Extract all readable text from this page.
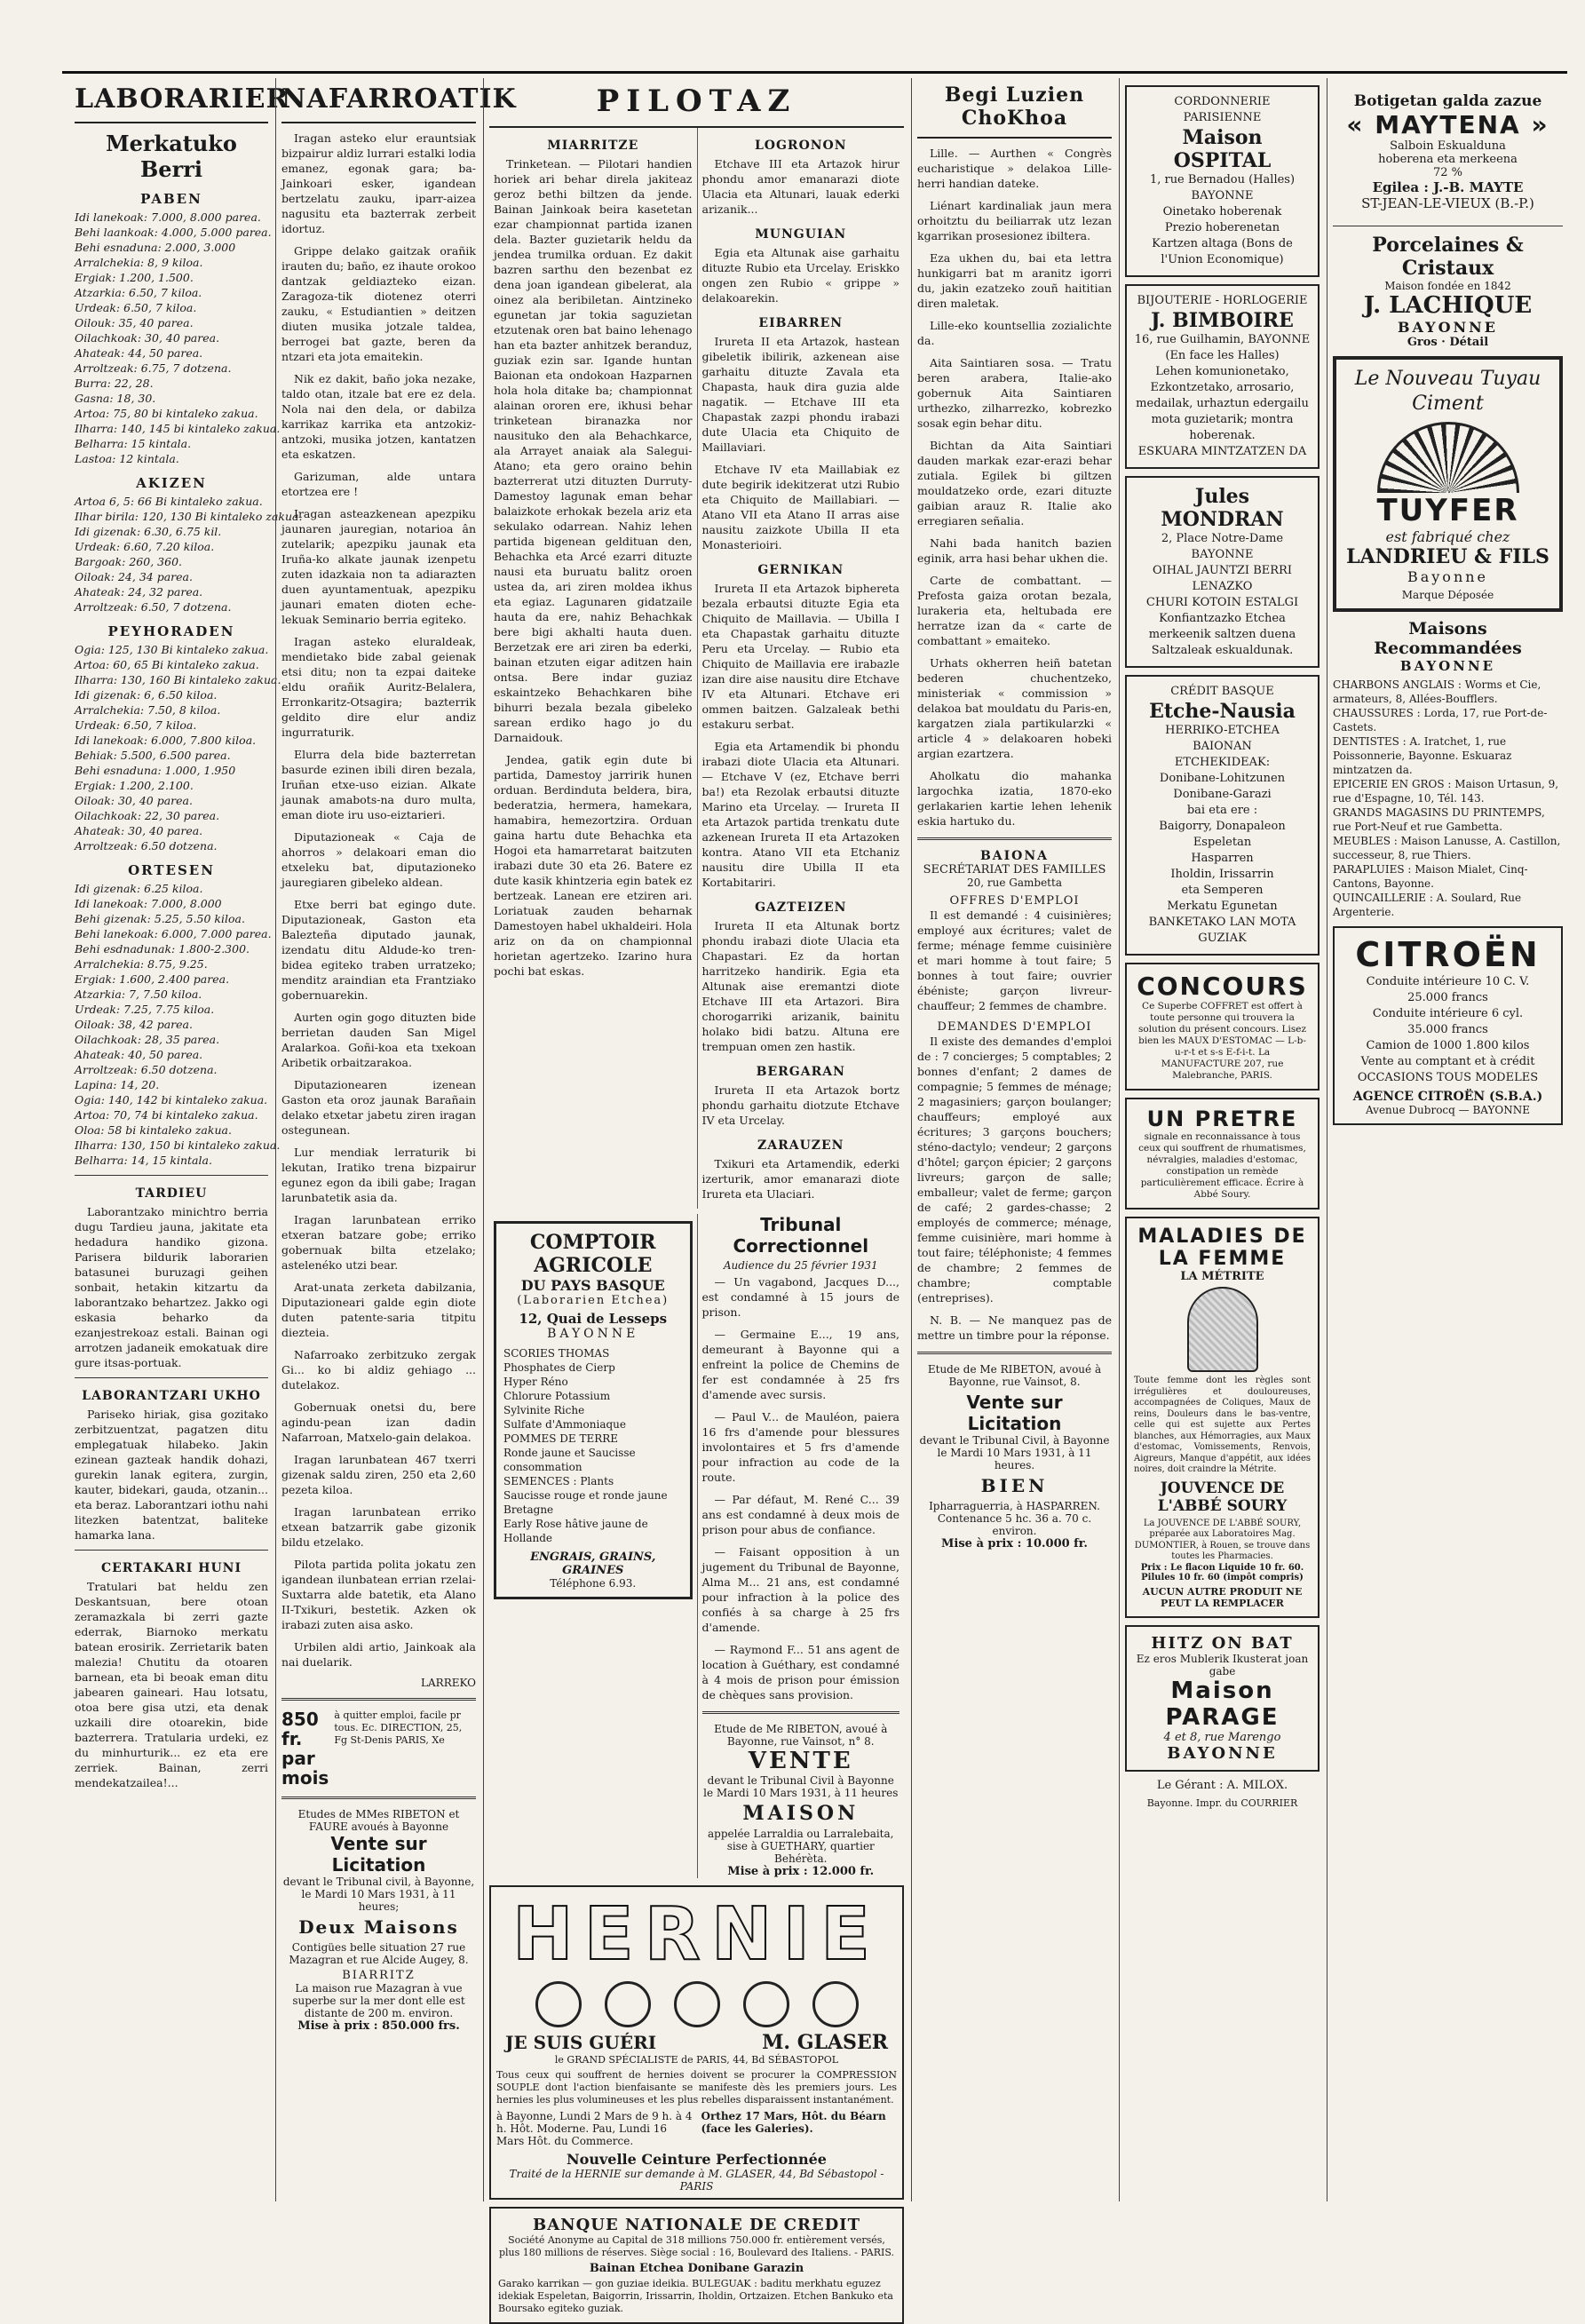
LABORARIER
Merkatuko Berri
PABEN
Idi lanekoak: 7.000, 8.000 parea.
Behi laankoak: 4.000, 5.000 parea.
Behi esnaduna: 2.000, 3.000
Arralchekia: 8, 9 kiloa.
Ergiak: 1.200, 1.500.
Atzarkia: 6.50, 7 kiloa.
Urdeak: 6.50, 7 kiloa.
Oilouk: 35, 40 parea.
Oilachkoak: 30, 40 parea.
Ahateak: 44, 50 parea.
Arroltzeak: 6.75, 7 dotzena.
Burra: 22, 28.
Gasna: 18, 30.
Artoa: 75, 80 bi kintaleko zakua.
Ilharra: 140, 145 bi kintaleko zakua.
Belharra: 15 kintala.
Lastoa: 12 kintala.
AKIZEN
Artoa 6, 5: 66 Bi kintaleko zakua.
Ilhar birila: 120, 130 Bi kintaleko zakua.
Idi gizenak: 6.30, 6.75 kil.
Urdeak: 6.60, 7.20 kiloa.
Bargoak: 260, 360.
Oiloak: 24, 34 parea.
Ahateak: 24, 32 parea.
Arroltzeak: 6.50, 7 dotzena.
PEYHORADEN
Ogia: 125, 130 Bi kintaleko zakua.
Artoa: 60, 65 Bi kintaleko zakua.
Ilharra: 130, 160 Bi kintaleko zakua.
Idi gizenak: 6, 6.50 kiloa.
Arralchekia: 7.50, 8 kiloa.
Urdeak: 6.50, 7 kiloa.
Idi lanekoak: 6.000, 7.800 kiloa.
Behiak: 5.500, 6.500 parea.
Behi esnaduna: 1.000, 1.950
Ergiak: 1.200, 2.100.
Oiloak: 30, 40 parea.
Oilachkoak: 22, 30 parea.
Ahateak: 30, 40 parea.
Arroltzeak: 6.50 dotzena.
ORTESEN
Idi gizenak: 6.25 kiloa.
Idi lanekoak: 7.000, 8.000
Behi gizenak: 5.25, 5.50 kiloa.
Behi lanekoak: 6.000, 7.000 parea.
Behi esdnadunak: 1.800-2.300.
Arralchekia: 8.75, 9.25.
Ergiak: 1.600, 2.400 parea.
Atzarkia: 7, 7.50 kiloa.
Urdeak: 7.25, 7.75 kiloa.
Oiloak: 38, 42 parea.
Oilachkoak: 28, 35 parea.
Ahateak: 40, 50 parea.
Arroltzeak: 6.50 dotzena.
Lapina: 14, 20.
Ogia: 140, 142 bi kintaleko zakua.
Artoa: 70, 74 bi kintaleko zakua.
Oloa: 58 bi kintaleko zakua.
Ilharra: 130, 150 bi kintaleko zakua.
Belharra: 14, 15 kintala.
TARDIEU
Laborantzako minichtro berria dugu Tardieu jauna, jakitate eta hedadura handiko gizona. Parisera bildurik laborarien batasunei buruzagi geihen sonbait, hetakin kitzartu da laborantzako behartzez. Jakko ogi eskasia beharko da ezanjestrekoaz estali. Bainan ogi arrotzen jadaneik emokatuak dire gure itsas-portuak.
LABORANTZARI UKHO
Pariseko hiriak, gisa gozitako zerbitzuentzat, pagatzen ditu emplegatuak hilabeko. Jakin ezinean gazteak handik dohazi, gurekin lanak egitera, zurgin, kauter, bidekari, gauda, otzanin... eta beraz. Laborantzari iothu nahi litezken batentzat, baliteke hamarka lana.
CERTAKARI HUNI
Tratulari bat heldu zen Deskantsuan, bere otoan zeramazkala bi zerri gazte ederrak, Biarnoko merkatu batean erosirik. Zerrietarik baten malezia! Chutitu da otoaren barnean, eta bi beoak eman ditu jabearen gaineari. Hau lotsatu, otoa bere gisa utzi, eta denak uzkaili dire otoarekin, bide bazterrera. Tratularia urdeki, ez du minhurturik... ez eta ere zerriek. Bainan, zerri mendekatzailea!...
NAFARROATIK
Iragan asteko elur erauntsiak bizpairur aldiz lurrari estalki lodia emanez, egonak gara; ba-Jainkoari esker, igandean bertzelatu zauku, iparr-aizea nagusitu eta bazterrak zerbeit idortuz.
Grippe delako gaitzak orañik irauten du; baño, ez ihaute orokoo dantzak geldiazteko eizan. Zaragoza-tik diotenez oterri zauku, « Estudiantien » deitzen diuten musika jotzale taldea, berrogei bat gazte, beren da ntzari eta jota emaitekin.
Nik ez dakit, baño joka nezake, taldo otan, itzale bat ere ez dela. Nola nai den dela, or dabilza karrikaz karrika eta antzokiz-antzoki, musika jotzen, kantatzen eta eskatzen.
Garizuman, alde untara etortzea ere !
Iragan asteazkenean apezpiku jaunaren jauregian, notarioa ân zutelarik; apezpiku jaunak eta Iruña-ko alkate jaunak izenpetu zuten idazkaia non ta adiarazten duen ayuntamentuak, apezpiku jaunari ematen dioten eche-lekuak Seminario berria egiteko.
Iragan asteko eluraldeak, mendietako bide zabal geienak etsi ditu; non ta ezpai daiteke eldu orañik Auritz-Belalera, Erronkaritz-Otsagira; bazterrik geldito dire elur andiz ingurraturik.
Elurra dela bide bazterretan basurde ezinen ibili diren bezala, Iruñan etxe-uso eizian. Alkate jaunak amabots-na duro multa, eman diote iru uso-eiztarieri.
Diputazioneak « Caja de ahorros » delakoari eman dio etxeleku bat, diputazioneko jauregiaren gibeleko aldean.
Etxe berri bat egingo dute. Diputazioneak, Gaston eta Balezteña diputado jaunak, izendatu ditu Aldude-ko tren-bidea egiteko traben urratzeko; menditz araindian eta Frantziako gobernuarekin.
Aurten ogin gogo dituzten bide berrietan dauden San Migel Aralarkoa. Goñi-koa eta txekoan Aribetik orbaitzarakoa.
Diputazionearen izenean Gaston eta oroz jaunak Barañain delako etxetar jabetu ziren iragan ostegunean.
Lur mendiak lerraturik bi lekutan, Iratiko trena bizpairur egunez egon da ibili gabe; Iragan larunbatetik asia da.
Iragan larunbatean erriko etxeran batzare gobe; erriko gobernuak bilta etzelako; astelenéko utzi bear.
Arat-unata zerketa dabilzania, Diputazioneari galde egin diote duten patente-saria titpitu diezteia.
Nafarroako zerbitzuko zergak Gi... ko bi aldiz gehiago ... dutelakoz.
Gobernuak onetsi du, bere agindu-pean izan dadin Nafarroan, Matxelo-gain delakoa.
Iragan larunbatean 467 txerri gizenak saldu ziren, 250 eta 2,60 pezeta kiloa.
Iragan larunbatean erriko etxean batzarrik gabe gizonik bildu etzelako.
Pilota partida polita jokatu zen igandean ilunbatean errian rzelai-Suxtarra alde batetik, eta Alano II-Txikuri, bestetik. Azken ok irabazi zuten aisa asko.
Urbilen aldi artio, Jainkoak ala nai duelarik.
LARREKO
850 fr. par mois
à quitter emploi, facile pr tous. Ec. DIRECTION, 25, Fg St-Denis PARIS, Xe
Etudes de MMes RIBETON et FAURE avoués à Bayonne
Vente sur Licitation
devant le Tribunal civil, à Bayonne, le Mardi 10 Mars 1931, à 11 heures;
Deux Maisons
Contigües belle situation 27 rue Mazagran et rue Alcide Augey, 8.
BIARRITZ
La maison rue Mazagran à vue superbe sur la mer dont elle est distante de 200 m. environ.
Mise à prix : 850.000 frs.
PILOTAZ
MIARRITZE
Trinketean. — Pilotari handien horiek ari behar direla jakiteaz geroz bethi biltzen da jende. Bainan Jainkoak beira kasetetan ezar championnat partida izanen dela. Bazter guzietarik heldu da jendea trumilka orduan. Ez dakit bazren sarthu den bezenbat ez dena joan igandean gibelerat, ala oinez ala beribiletan. Aintzineko egunetan jar tokia saguzietan etzutenak oren bat baino lehenago han eta bazter anhitzek beranduz, guziak ezin sar. Igande huntan Baionan eta ondokoan Hazparnen hola hola ditake ba; championnat alainan ororen ere, ikhusi behar trinketean biranazka nor nausituko den ala Behachkarce, ala Arrayet anaiak ala Salegui-Atano; eta gero oraino behin bazterrerat utzi dituzten Durruty-Damestoy lagunak eman behar balaizkote erhokak bezela ariz eta sekulako odarrean. Nahiz lehen partida bigenean geldituan den, Behachka eta Arcé ezarri dituzte nausi eta buruatu balitz oroen ustea da, ari ziren moldea ikhus eta egiaz. Lagunaren gidatzaile hauta da ere, nahiz Behachkak bere bigi akhalti hauta duen. Berzetzak ere ari ziren ba ederki, bainan etzuten eigar aditzen hain ontsa. Bere indar guziaz eskaintzeko Behachkaren bihe bihurri bezala bezala gibeleko sarean erdiko hago jo du Darnaidouk.
Jendea, gatik egin dute bi partida, Damestoy jarririk hunen orduan. Berdinduta beldera, bira, bederatzia, hermera, hamekara, hamabira, hemezortzira. Orduan gaina hartu dute Behachka eta Hogoi eta hamarretarat baitzuten irabazi dute 30 eta 26. Batere ez dute kasik khintzeria egin batek ez bertzeak. Lanean ere etziren ari. Loriatuak zauden beharnak Damestoyen habel ukhaldeiri. Hola ariz on da on championnal horietan agertzeko. Izarino hura pochi bat eskas.
LOGRONON
Etchave III eta Artazok hirur phondu amor emanarazi diote Ulacia eta Altunari, lauak ederki arizanik...
MUNGUIAN
Egia eta Altunak aise garhaitu dituzte Rubio eta Urcelay. Eriskko ongen zen Rubio « grippe » delakoarekin.
EIBARREN
Irureta II eta Artazok, hastean gibeletik ibilirik, azkenean aise garhaitu dituzte Zavala eta Chapasta, hauk dira guzia alde nagatik. — Etchave III eta Chapastak zazpi phondu irabazi dute Ulacia eta Chiquito de Maillaviari.
Etchave IV eta Maillabiak ez dute begirik idekitzerat utzi Rubio eta Chiquito de Maillabiari. — Atano VII eta Atano II arras aise nausitu zaizkote Ubilla II eta Monasterioiri.
GERNIKAN
Irureta II eta Artazok biphereta bezala erbautsi dituzte Egia eta Chiquito de Maillavia. — Ubilla I eta Chapastak garhaitu dituzte Peru eta Urcelay. — Rubio eta Chiquito de Maillavia ere irabazle izan dire aise nausitu dire Etchave IV eta Altunari. Etchave eri ommen baitzen. Galzaleak bethi estakuru serbat.
Egia eta Artamendik bi phondu irabazi diote Ulacia eta Altunari. — Etchave V (ez, Etchave berri ba!) eta Rezolak erbautsi dituzte Marino eta Urcelay. — Irureta II eta Artazok partida trenkatu dute azkenean Irureta II eta Artazoken kontra. Atano VII eta Etchaniz nausitu dire Ubilla II eta Kortabitariri.
GAZTEIZEN
Irureta II eta Altunak bortz phondu irabazi diote Ulacia eta Chapastari. Ez da hortan harritzeko handirik. Egia eta Altunak aise eremantzi diote Etchave III eta Artazori. Bira chorogarriki arizanik, bainitu holako bidi batzu. Altuna ere trempuan omen zen hastik.
BERGARAN
Irureta II eta Artazok bortz phondu garhaitu diotzute Etchave IV eta Urcelay.
ZARAUZEN
Txikuri eta Artamendik, ederki izerturik, amor emanarazi diote Irureta eta Ulaciari.
COMPTOIR AGRICOLE
DU PAYS BASQUE
(Laborarien Etchea)
12, Quai de Lesseps
BAYONNE
SCORIES THOMAS
Phosphates de Cierp
Hyper Réno
Chlorure Potassium
Sylvinite Riche
Sulfate d'Ammoniaque
POMMES DE TERRE
Ronde jaune et Saucisse consommation
SEMENCES : Plants
Saucisse rouge et ronde jaune Bretagne
Early Rose hâtive jaune de Hollande
ENGRAIS, GRAINS, GRAINES
Téléphone 6.93.
Tribunal Correctionnel
Audience du 25 février 1931
— Un vagabond, Jacques D..., est condamné à 15 jours de prison.
— Germaine E..., 19 ans, demeurant à Bayonne qui a enfreint la police de Chemins de fer est condamnée à 25 frs d'amende avec sursis.
— Paul V... de Mauléon, paiera 16 frs d'amende pour blessures involontaires et 5 frs d'amende pour infraction au code de la route.
— Par défaut, M. René C... 39 ans est condamné à deux mois de prison pour abus de confiance.
— Faisant opposition à un jugement du Tribunal de Bayonne, Alma M... 21 ans, est condamné pour infraction à la police des confiés à sa charge à 25 frs d'amende.
— Raymond F... 51 ans agent de location à Guéthary, est condamné à 4 mois de prison pour émission de chèques sans provision.
Etude de Me RIBETON, avoué à Bayonne, rue Vainsot, n° 8.
VENTE
devant le Tribunal Civil à Bayonne le Mardi 10 Mars 1931, à 11 heures
MAISON
appelée Larraldia ou Larralebaita, sise à GUETHARY, quartier Behérèta.
Mise à prix : 12.000 fr.
HERNIE
JE SUIS GUÉRI	M. GLASER
le GRAND SPÉCIALISTE de PARIS, 44, Bd SÉBASTOPOL
Tous ceux qui souffrent de hernies doivent se procurer la COMPRESSION SOUPLE dont l'action bienfaisante se manifeste dès les premiers jours. Les hernies les plus volumineuses et les plus rebelles disparaissent instantanément.
à Bayonne, Lundi 2 Mars de 9 h. à 4 h. Hôt. Moderne. Pau, Lundi 16 Mars Hôt. du Commerce.
Orthez 17 Mars, Hôt. du Béarn (face les Galeries).
Nouvelle Ceinture Perfectionnée
Traité de la HERNIE sur demande à M. GLASER, 44, Bd Sébastopol - PARIS
BANQUE NATIONALE DE CREDIT
Société Anonyme au Capital de 318 millions 750.000 fr. entièrement versés, plus 180 millions de réserves. Siège social : 16, Boulevard des Italiens. - PARIS.
Bainan Etchea Donibane Garazin
Garako karrikan — gon guziae ideikia. BULEGUAK : baditu merkhatu eguzez idekiak Espeletan, Baigorrin, Irissarrin, Iholdin, Ortzaizen. Etchen Bankuko eta Boursako egiteko guziak.
Begi Luzien ChoKhoa
Lille. — Aurthen « Congrès eucharistique » delakoa Lille-herri handian dateke.
Liénart kardinaliak jaun mera orhoitztu du beiliarrak utz lezan kgarrikan prosesionez ibiltera.
Eza ukhen du, bai eta lettra hunkigarri bat m aranitz igorri du, jakin ezatzeko zouñ haititian diren maletak.
Lille-eko kountsellia zozialichte da.
Aita Saintiaren sosa. — Tratu beren arabera, Italie-ako gobernuk Aita Saintiaren urthezko, zilharrezko, kobrezko sosak egin behar ditu.
Bichtan da Aita Saintiari dauden markak ezar-erazi behar zutiala. Egilek bi giltzen mouldatzeko orde, ezari dituzte gaibian arauz R. Italie ako erregiaren señalia.
Nahi bada hanitch bazien eginik, arra hasi behar ukhen die.
Carte de combattant. — Prefosta gaiza orotan bezala, lurakeria eta, heltubada ere herratze izan da « carte de combattant » emaiteko.
Urhats okherren heiñ batetan bederen chuchentzeko, ministeriak « commission » delakoa bat mouldatu du Paris-en, kargatzen ziala partikularzki « article 4 » delakoaren hobeki argian ezartzera.
Aholkatu dio mahanka largochka izatia, 1870-eko gerlakarien kartie lehen lehenik eskia hartuko du.
BAIONA
SECRÉTARIAT DES FAMILLES
20, rue Gambetta
OFFRES D'EMPLOI
Il est demandé : 4 cuisinières; employé aux écritures; valet de ferme; ménage femme cuisinière et mari homme à tout faire; 5 bonnes à tout faire; ouvrier ébéniste; garçon livreur-chauffeur; 2 femmes de chambre.
DEMANDES D'EMPLOI
Il existe des demandes d'emploi de : 7 concierges; 5 comptables; 2 bonnes d'enfant; 2 dames de compagnie; 5 femmes de ménage; 2 magasiniers; garçon boulanger; chauffeurs; employé aux écritures; 3 garçons bouchers; sténo-dactylo; vendeur; 2 garçons d'hôtel; garçon épicier; 2 garçons livreurs; garçon de salle; emballeur; valet de ferme; garçon de café; 2 gardes-chasse; 2 employés de commerce; ménage, femme cuisinière, mari homme à tout faire; téléphoniste; 4 femmes de chambre; 2 femmes de chambre; comptable (entreprises).
N. B. — Ne manquez pas de mettre un timbre pour la réponse.
Etude de Me RIBETON, avoué à Bayonne, rue Vainsot, 8.
Vente sur Licitation
devant le Tribunal Civil, à Bayonne le Mardi 10 Mars 1931, à 11 heures.
BIEN
Ipharraguerria, à HASPARREN. Contenance 5 hc. 36 a. 70 c. environ.
Mise à prix : 10.000 fr.
CORDONNERIE PARISIENNE
Maison OSPITAL
1, rue Bernadou (Halles)
BAYONNE
Oinetako hoberenak
Prezio hoberenetan
Kartzen altaga (Bons de l'Union Economique)
BIJOUTERIE - HORLOGERIE
J. BIMBOIRE
16, rue Guilhamin, BAYONNE
(En face les Halles)
Lehen komunionetako, Ezkontzetako, arrosario, medailak, urhaztun edergailu mota guzietarik; montra hoberenak.
ESKUARA MINTZATZEN DA
Jules MONDRAN
2, Place Notre-Dame
BAYONNE
OIHAL JAUNTZI BERRI LENAZKO
CHURI KOTOIN ESTALGI
Konfiantzazko Etchea
merkeenik saltzen duena
Saltzaleak eskualdunak.
CRÉDIT BASQUE
Etche-Nausia
HERRIKO-ETCHEA BAIONAN
ETCHEKIDEAK:
Donibane-Lohitzunen
Donibane-Garazi
bai eta ere :
Baigorry, Donapaleon
Espeletan
Hasparren
Iholdin, Irissarrin
eta Semperen
Merkatu Egunetan
BANKETAKO LAN MOTA GUZIAK
CONCOURS
Ce Superbe COFFRET est offert à toute personne qui trouvera la solution du présent concours. Lisez bien les MAUX D'ESTOMAC — L-b-u-r-t et s-s E-f-i-t. La MANUFACTURE 207, rue Malebranche, PARIS.
UN PRETRE
signale en reconnaissance à tous ceux qui souffrent de rhumatismes, névralgies, maladies d'estomac, constipation un remède particulièrement efficace. Écrire à Abbé Soury.
MALADIES DE LA FEMME
LA MÉTRITE
Toute femme dont les règles sont irrégulières et douloureuses, accompagnées de Coliques, Maux de reins, Douleurs dans le bas-ventre, celle qui est sujette aux Pertes blanches, aux Hémorragies, aux Maux d'estomac, Vomissements, Renvois, Aigreurs, Manque d'appétit, aux idées noires, doit craindre la Métrite.
JOUVENCE DE L'ABBÉ SOURY
La JOUVENCE DE L'ABBÉ SOURY, préparée aux Laboratoires Mag. DUMONTIER, à Rouen, se trouve dans toutes les Pharmacies.
Prix : Le flacon Liquide 10 fr. 60. Pilules 10 fr. 60 (impôt compris)
AUCUN AUTRE PRODUIT NE PEUT LA REMPLACER
HITZ ON BAT
Ez eros Mublerik Ikusterat joan gabe
Maison PARAGE
4 et 8, rue Marengo
BAYONNE
Le Gérant : A. MILOX.
Bayonne. Impr. du COURRIER
Botigetan galda zazue
« MAYTENA »
Salboin Eskualduna
hoberena eta merkeena
72 %
Egilea : J.-B. MAYTE
ST-JEAN-LE-VIEUX (B.-P.)
Porcelaines & Cristaux
Maison fondée en 1842
J. LACHIQUE
BAYONNE
Gros · Détail
Le Nouveau Tuyau Ciment
TUYFER
est fabriqué chez
LANDRIEU & FILS
Bayonne
Marque Déposée
Maisons Recommandées
BAYONNE
CHARBONS ANGLAIS : Worms et Cie, armateurs, 8, Allées-Boufflers.
CHAUSSURES : Lorda, 17, rue Port-de-Castets.
DENTISTES : A. Iratchet, 1, rue Poissonnerie, Bayonne. Eskuaraz mintzatzen da.
EPICERIE EN GROS : Maison Urtasun, 9, rue d'Espagne, 10, Tél. 143.
GRANDS MAGASINS DU PRINTEMPS, rue Port-Neuf et rue Gambetta.
MEUBLES : Maison Lanusse, A. Castillon, successeur, 8, rue Thiers.
PARAPLUIES : Maison Mialet, Cinq-Cantons, Bayonne.
QUINCAILLERIE : A. Soulard, Rue Argenterie.
CITROËN
Conduite intérieure 10 C. V.
25.000 francs
Conduite intérieure 6 cyl.
35.000 francs
Camion de 1000 1.800 kilos
Vente au comptant et à crédit
OCCASIONS TOUS MODELES
AGENCE CITROËN (S.B.A.)
Avenue Dubrocq — BAYONNE
